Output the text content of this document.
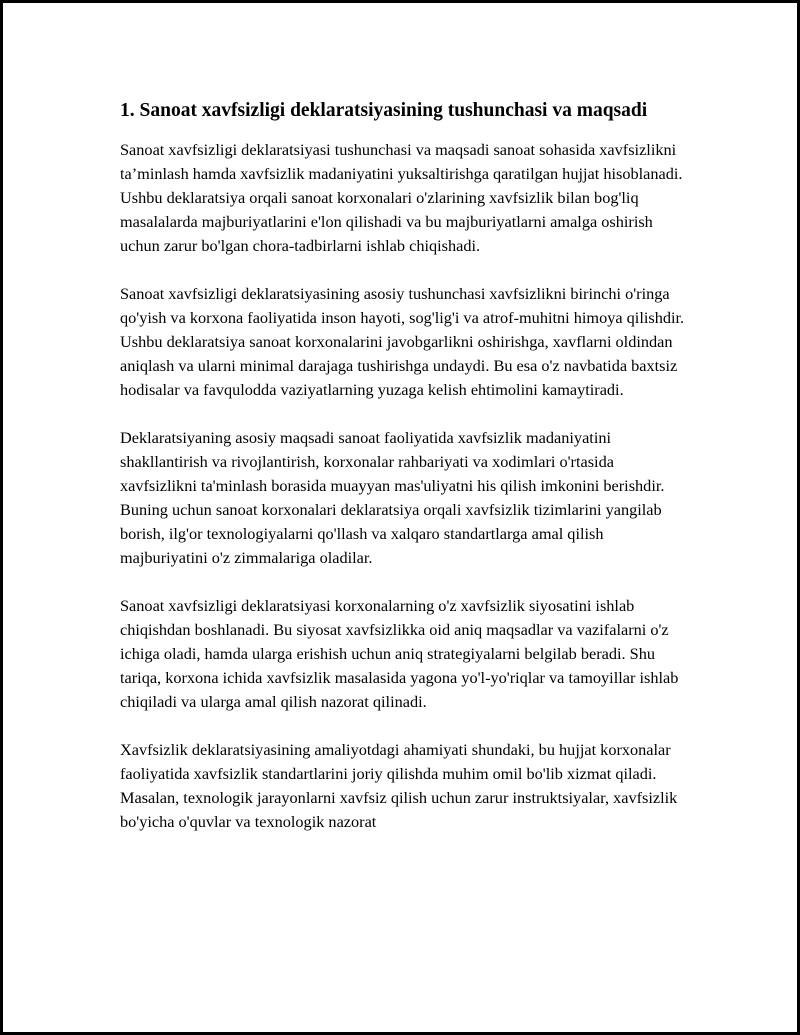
1. Sanoat xavfsizligi deklaratsiyasining tushunchasi va maqsadi

Sanoat xavfsizligi deklaratsiyasi tushunchasi va maqsadi sanoat sohasida xavfsizlikni ta’minlash hamda xavfsizlik madaniyatini yuksaltirishga qaratilgan hujjat hisoblanadi. Ushbu deklaratsiya orqali sanoat korxonalari o'zlarining xavfsizlik bilan bog'liq masalalarda majburiyatlarini e'lon qilishadi va bu majburiyatlarni amalga oshirish uchun zarur bo'lgan chora-tadbirlarni ishlab chiqishadi.

Sanoat xavfsizligi deklaratsiyasining asosiy tushunchasi xavfsizlikni birinchi o'ringa qo'yish va korxona faoliyatida inson hayoti, sog'lig'i va atrof-muhitni himoya qilishdir. Ushbu deklaratsiya sanoat korxonalarini javobgarlikni oshirishga, xavflarni oldindan aniqlash va ularni minimal darajaga tushirishga undaydi. Bu esa o'z navbatida baxtsiz hodisalar va favqulodda vaziyatlarning yuzaga kelish ehtimolini kamaytiradi.

Deklaratsiyaning asosiy maqsadi sanoat faoliyatida xavfsizlik madaniyatini shakllantirish va rivojlantirish, korxonalar rahbariyati va xodimlari o'rtasida xavfsizlikni ta'minlash borasida muayyan mas'uliyatni his qilish imkonini berishdir. Buning uchun sanoat korxonalari deklaratsiya orqali xavfsizlik tizimlarini yangilab borish, ilg'or texnologiyalarni qo'llash va xalqaro standartlarga amal qilish majburiyatini o'z zimmalariga oladilar.

Sanoat xavfsizligi deklaratsiyasi korxonalarning o'z xavfsizlik siyosatini ishlab chiqishdan boshlanadi. Bu siyosat xavfsizlikka oid aniq maqsadlar va vazifalarni o'z ichiga oladi, hamda ularga erishish uchun aniq strategiyalarni belgilab beradi. Shu tariqa, korxona ichida xavfsizlik masalasida yagona yo'l-yo'riqlar va tamoyillar ishlab chiqiladi va ularga amal qilish nazorat qilinadi.

Xavfsizlik deklaratsiyasining amaliyotdagi ahamiyati shundaki, bu hujjat korxonalar faoliyatida xavfsizlik standartlarini joriy qilishda muhim omil bo'lib xizmat qiladi. Masalan, texnologik jarayonlarni xavfsiz qilish uchun zarur instruktsiyalar, xavfsizlik bo'yicha o'quvlar va texnologik nazorat
